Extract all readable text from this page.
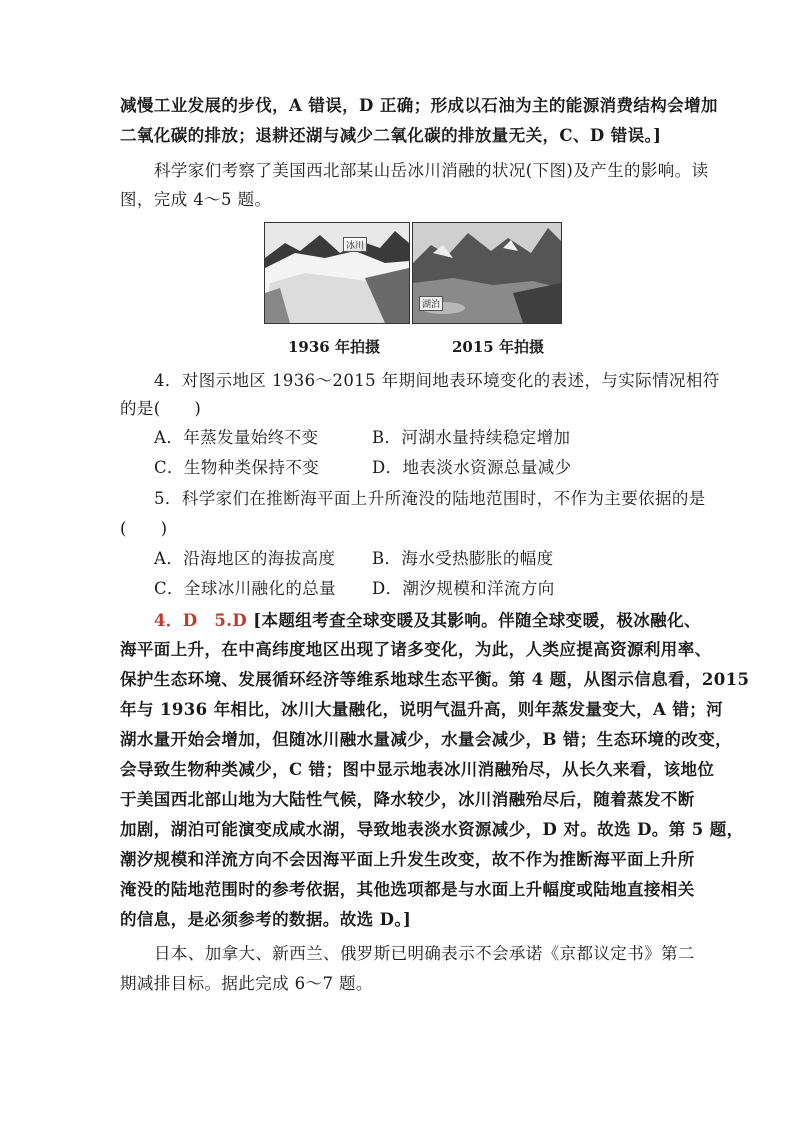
减慢工业发展的步伐，A 错误，D 正确；形成以石油为主的能源消费结构会增加
二氧化碳的排放；退耕还湖与减少二氧化碳的排放量无关，C、D 错误。]
科学家们考察了美国西北部某山岳冰川消融的状况(下图)及产生的影响。读
图，完成 4～5 题。
冰川
湖泊
1936 年拍摄	2015 年拍摄
4．对图示地区 1936～2015 年期间地表环境变化的表述，与实际情况相符
的是(　　)
A．年蒸发量始终不变	B．河湖水量持续稳定增加
C．生物种类保持不变	D．地表淡水资源总量减少
5．科学家们在推断海平面上升所淹没的陆地范围时，不作为主要依据的是
(　　)
A．沿海地区的海拔高度	B．海水受热膨胀的幅度
C．全球冰川融化的总量	D．潮汐规模和洋流方向
4．D　5.D [本题组考查全球变暖及其影响。伴随全球变暖，极冰融化、
海平面上升，在中高纬度地区出现了诸多变化，为此，人类应提高资源利用率、
保护生态环境、发展循环经济等维系地球生态平衡。第 4 题，从图示信息看，2015
年与 1936 年相比，冰川大量融化，说明气温升高，则年蒸发量变大，A 错；河
湖水量开始会增加，但随冰川融水量减少，水量会减少，B 错；生态环境的改变，
会导致生物种类减少，C 错；图中显示地表冰川消融殆尽，从长久来看，该地位
于美国西北部山地为大陆性气候，降水较少，冰川消融殆尽后，随着蒸发不断
加剧，湖泊可能演变成咸水湖，导致地表淡水资源减少，D 对。故选 D。第 5 题，
潮汐规模和洋流方向不会因海平面上升发生改变，故不作为推断海平面上升所
淹没的陆地范围时的参考依据，其他选项都是与水面上升幅度或陆地直接相关
的信息，是必须参考的数据。故选 D。]
日本、加拿大、新西兰、俄罗斯已明确表示不会承诺《京都议定书》第二
期减排目标。据此完成 6～7 题。
